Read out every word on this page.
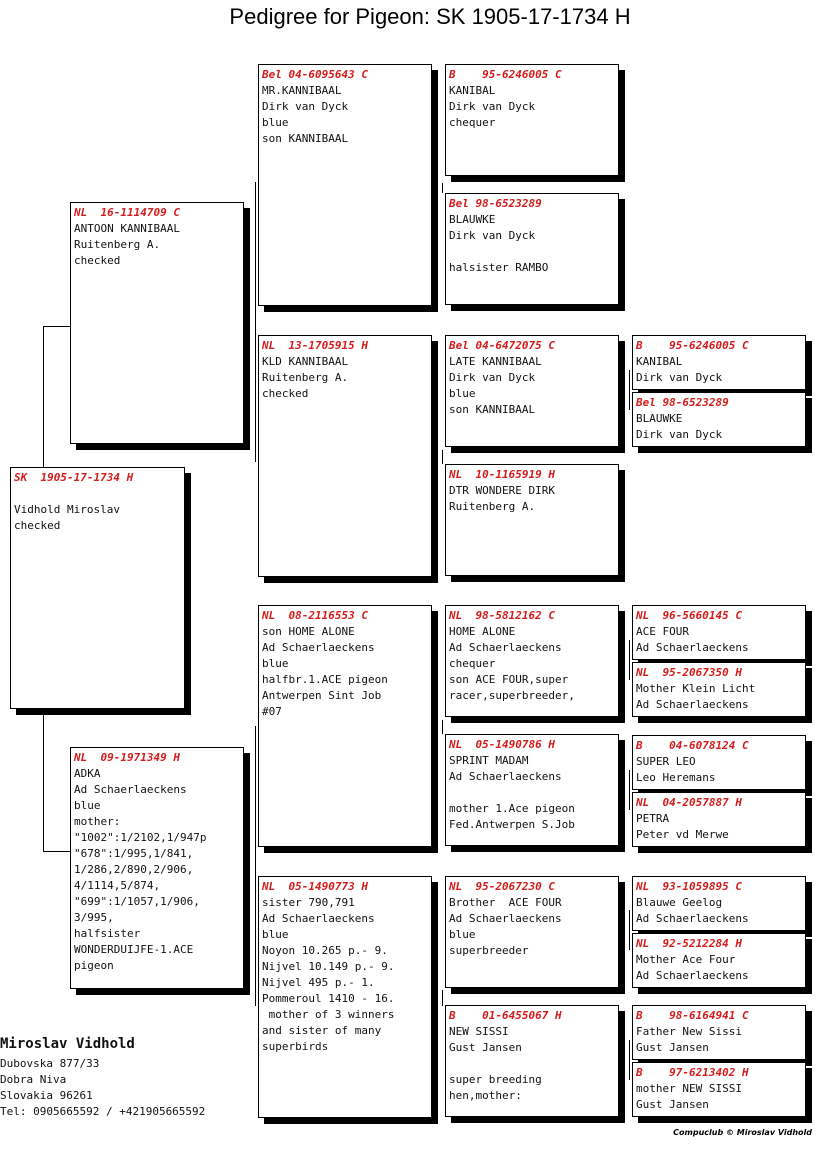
Pedigree for Pigeon: SK 1905-17-1734 H
SK  1905-17-1734 H
Vidhold Miroslav
checked
NL  16-1114709 C
ANTOON KANNIBAAL
Ruitenberg A.
checked
NL  09-1971349 H
ADKA
Ad Schaerlaeckens
blue
mother:
"1002":1/2102,1/947p
"678":1/995,1/841,
1/286,2/890,2/906,
4/1114,5/874,
"699":1/1057,1/906,
3/995,
halfsister
WONDERDUIJFE-1.ACE
pigeon
Bel 04-6095643 C
MR.KANNIBAAL
Dirk van Dyck
blue
son KANNIBAAL
NL  13-1705915 H
KLD KANNIBAAL
Ruitenberg A.
checked
NL  08-2116553 C
son HOME ALONE
Ad Schaerlaeckens
blue
halfbr.1.ACE pigeon
Antwerpen Sint Job
#07
NL  05-1490773 H
sister 790,791
Ad Schaerlaeckens
blue
Noyon 10.265 p.- 9.
Nijvel 10.149 p.- 9.
Nijvel 495 p.- 1.
Pommeroul 1410 - 16.
mother of 3 winners
and sister of many
superbirds
B    95-6246005 C
KANIBAL
Dirk van Dyck
chequer
Bel 98-6523289
BLAUWKE
Dirk van Dyck
halsister RAMBO
Bel 04-6472075 C
LATE KANNIBAAL
Dirk van Dyck
blue
son KANNIBAAL
NL  10-1165919 H
DTR WONDERE DIRK
Ruitenberg A.
NL  98-5812162 C
HOME ALONE
Ad Schaerlaeckens
chequer
son ACE FOUR,super
racer,superbreeder,
NL  05-1490786 H
SPRINT MADAM
Ad Schaerlaeckens
mother 1.Ace pigeon
Fed.Antwerpen S.Job
NL  95-2067230 C
Brother  ACE FOUR
Ad Schaerlaeckens
blue
superbreeder
B    01-6455067 H
NEW SISSI
Gust Jansen
super breeding
hen,mother:
B    95-6246005 C
KANIBAL
Dirk van Dyck
Bel 98-6523289
BLAUWKE
Dirk van Dyck
NL  96-5660145 C
ACE FOUR
Ad Schaerlaeckens
NL  95-2067350 H
Mother Klein Licht
Ad Schaerlaeckens
B    04-6078124 C
SUPER LEO
Leo Heremans
NL  04-2057887 H
PETRA
Peter vd Merwe
NL  93-1059895 C
Blauwe Geelog
Ad Schaerlaeckens
NL  92-5212284 H
Mother Ace Four
Ad Schaerlaeckens
B    98-6164941 C
Father New Sissi
Gust Jansen
B    97-6213402 H
mother NEW SISSI
Gust Jansen
Miroslav Vidhold
Dubovska 877/33
Dobra Niva
Slovakia 96261
Tel: 0905665592 / +421905665592
Compuclub © Miroslav Vidhold
